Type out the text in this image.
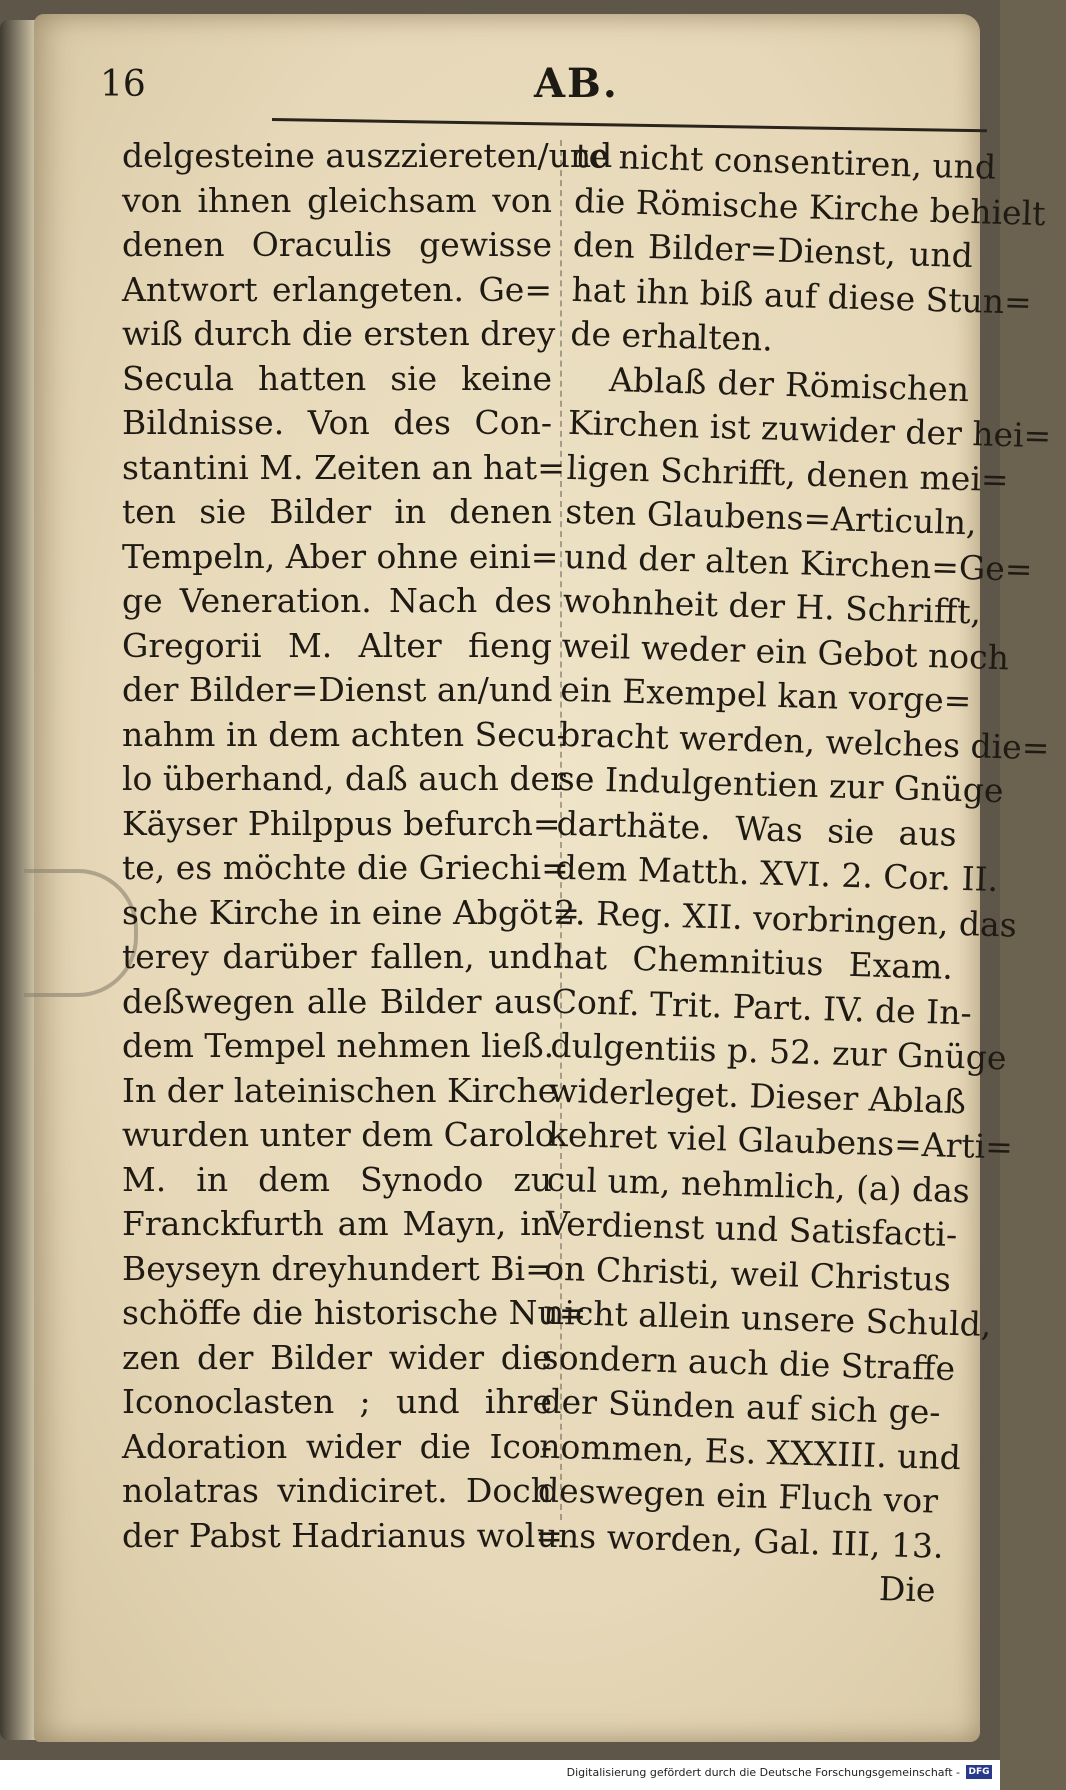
16	AB.
delgesteine auszziereten/und
von ihnen gleichsam von
denen Oraculis gewisse
Antwort erlangeten. Ge=
wiß durch die ersten drey
Secula hatten sie keine
Bildnisse. Von des Con-
stantini M. Zeiten an hat=
ten sie Bilder in denen
Tempeln, Aber ohne eini=
ge Veneration. Nach des
Gregorii M. Alter fieng
der Bilder=Dienst an/und
nahm in dem achten Secu-
lo überhand, daß auch der
Käyser Philppus befurch=
te, es möchte die Griechi=
sche Kirche in eine Abgöt=
terey darüber fallen, und
deßwegen alle Bilder aus
dem Tempel nehmen ließ.
In der lateinischen Kirche
wurden unter dem Carolo
M. in dem Synodo zu
Franckfurth am Mayn, in
Beyseyn dreyhundert Bi=
schöffe die historische Nu=
zen der Bilder wider die
Iconoclasten ; und ihre
Adoration wider die Ico-
nolatras vindiciret. Doch
der Pabst Hadrianus wol=
te nicht consentiren, und
die Römische Kirche behielt
den Bilder=Dienst, und
hat ihn biß auf diese Stun=
de erhalten.
Ablaß der Römischen
Kirchen ist zuwider der hei=
ligen Schrifft, denen mei=
sten Glaubens=Articuln,
und der alten Kirchen=Ge=
wohnheit der H. Schrifft,
weil weder ein Gebot noch
ein Exempel kan vorge=
bracht werden, welches die=
se Indulgentien zur Gnüge
darthäte. Was sie aus
dem Matth. XVI. 2. Cor. II.
2. Reg. XII. vorbringen, das
hat Chemnitius Exam.
Conf. Trit. Part. IV. de In-
dulgentiis p. 52. zur Gnüge
widerleget. Dieser Ablaß
kehret viel Glaubens=Arti=
cul um, nehmlich, (a) das
Verdienst und Satisfacti-
on Christi, weil Christus
nicht allein unsere Schuld,
sondern auch die Straffe
der Sünden auf sich ge-
nommen, Es. XXXIII. und
deswegen ein Fluch vor
uns worden, Gal. III, 13.
Die
Digitalisierung gefördert durch die Deutsche Forschungsgemeinschaft - DFG
